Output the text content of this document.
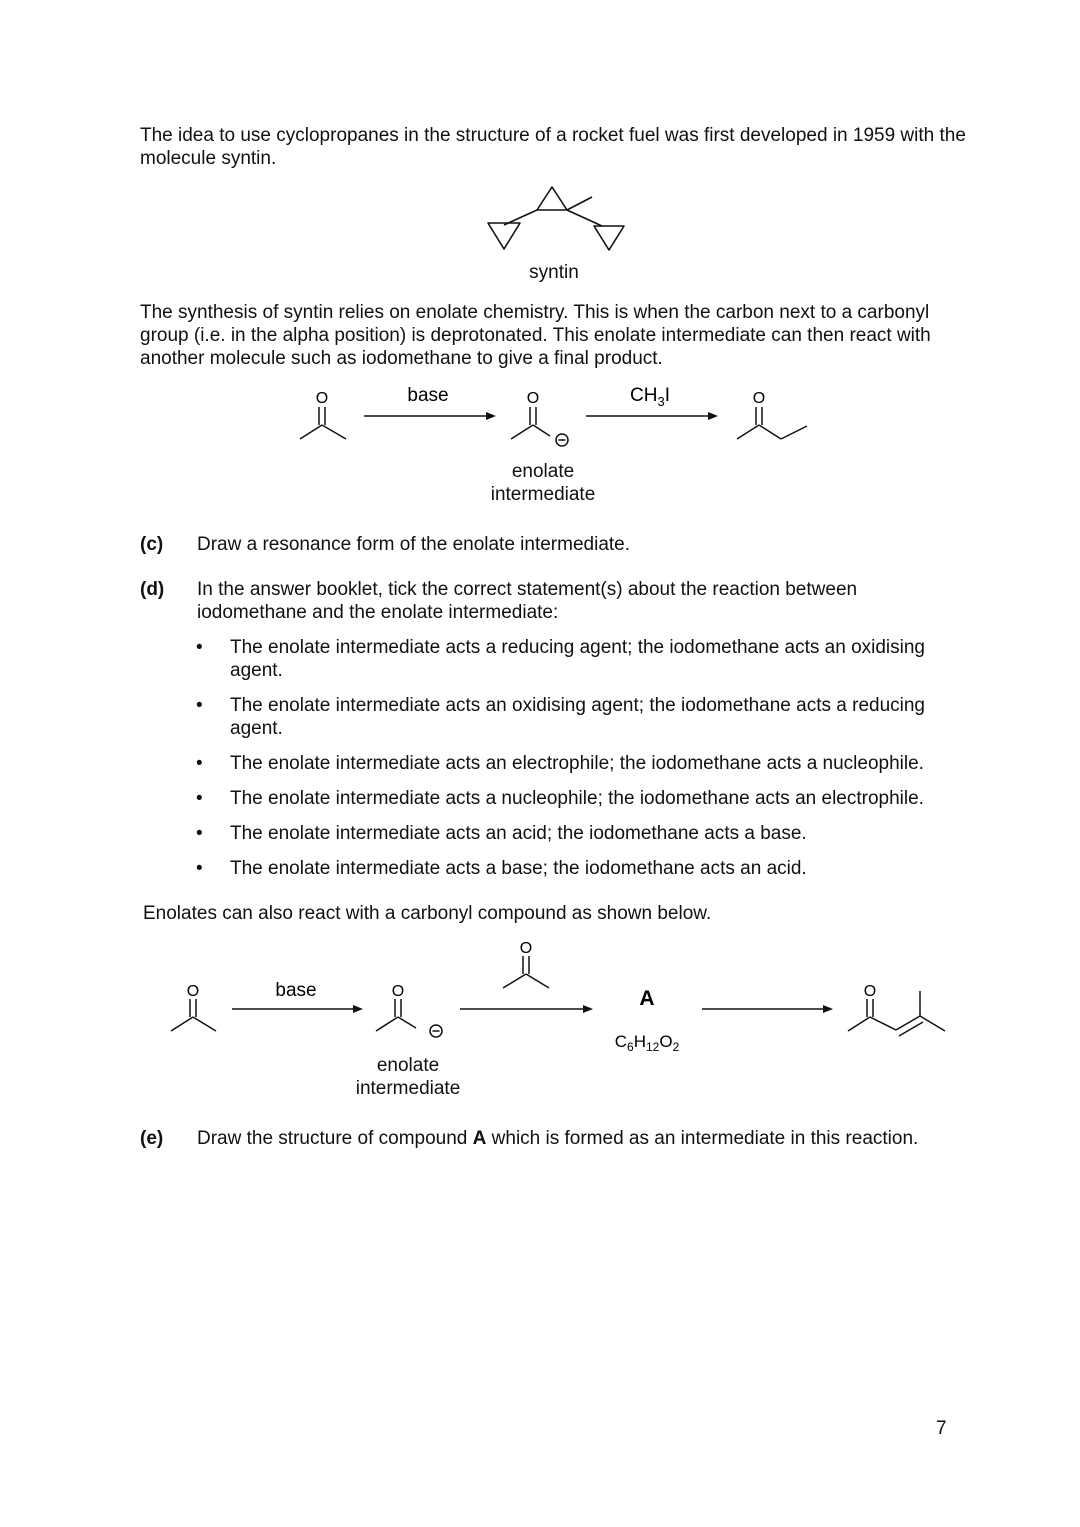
The idea to use cyclopropanes in the structure of a rocket fuel was first developed in 1959 with the molecule syntin.

syntin

The synthesis of syntin relies on enolate chemistry. This is when the carbon next to a carbonyl group (i.e. in the alpha position) is deprotonated. This enolate intermediate can then react with another molecule such as iodomethane to give a final product.

O	O	O
base	$CH_3I$
enolate
intermediate
(c) Draw a resonance form of the enolate intermediate.
(d) In the answer booklet, tick the correct statement(s) about the reaction between iodomethane and the enolate intermediate:
• The enolate intermediate acts a reducing agent; the iodomethane acts an oxidising agent.
• The enolate intermediate acts an oxidising agent; the iodomethane acts a reducing agent.
• The enolate intermediate acts an electrophile; the iodomethane acts a nucleophile.
• The enolate intermediate acts a nucleophile; the iodomethane acts an electrophile.
• The enolate intermediate acts an acid; the iodomethane acts a base.
• The enolate intermediate acts a base; the iodomethane acts an acid.

Enolates can also react with a carbonyl compound as shown below.

O	O
O
O
base	A
$C_6H_{12}O_2$
enolate
intermediate
(e) Draw the structure of compound A which is formed as an intermediate in this reaction.
7
